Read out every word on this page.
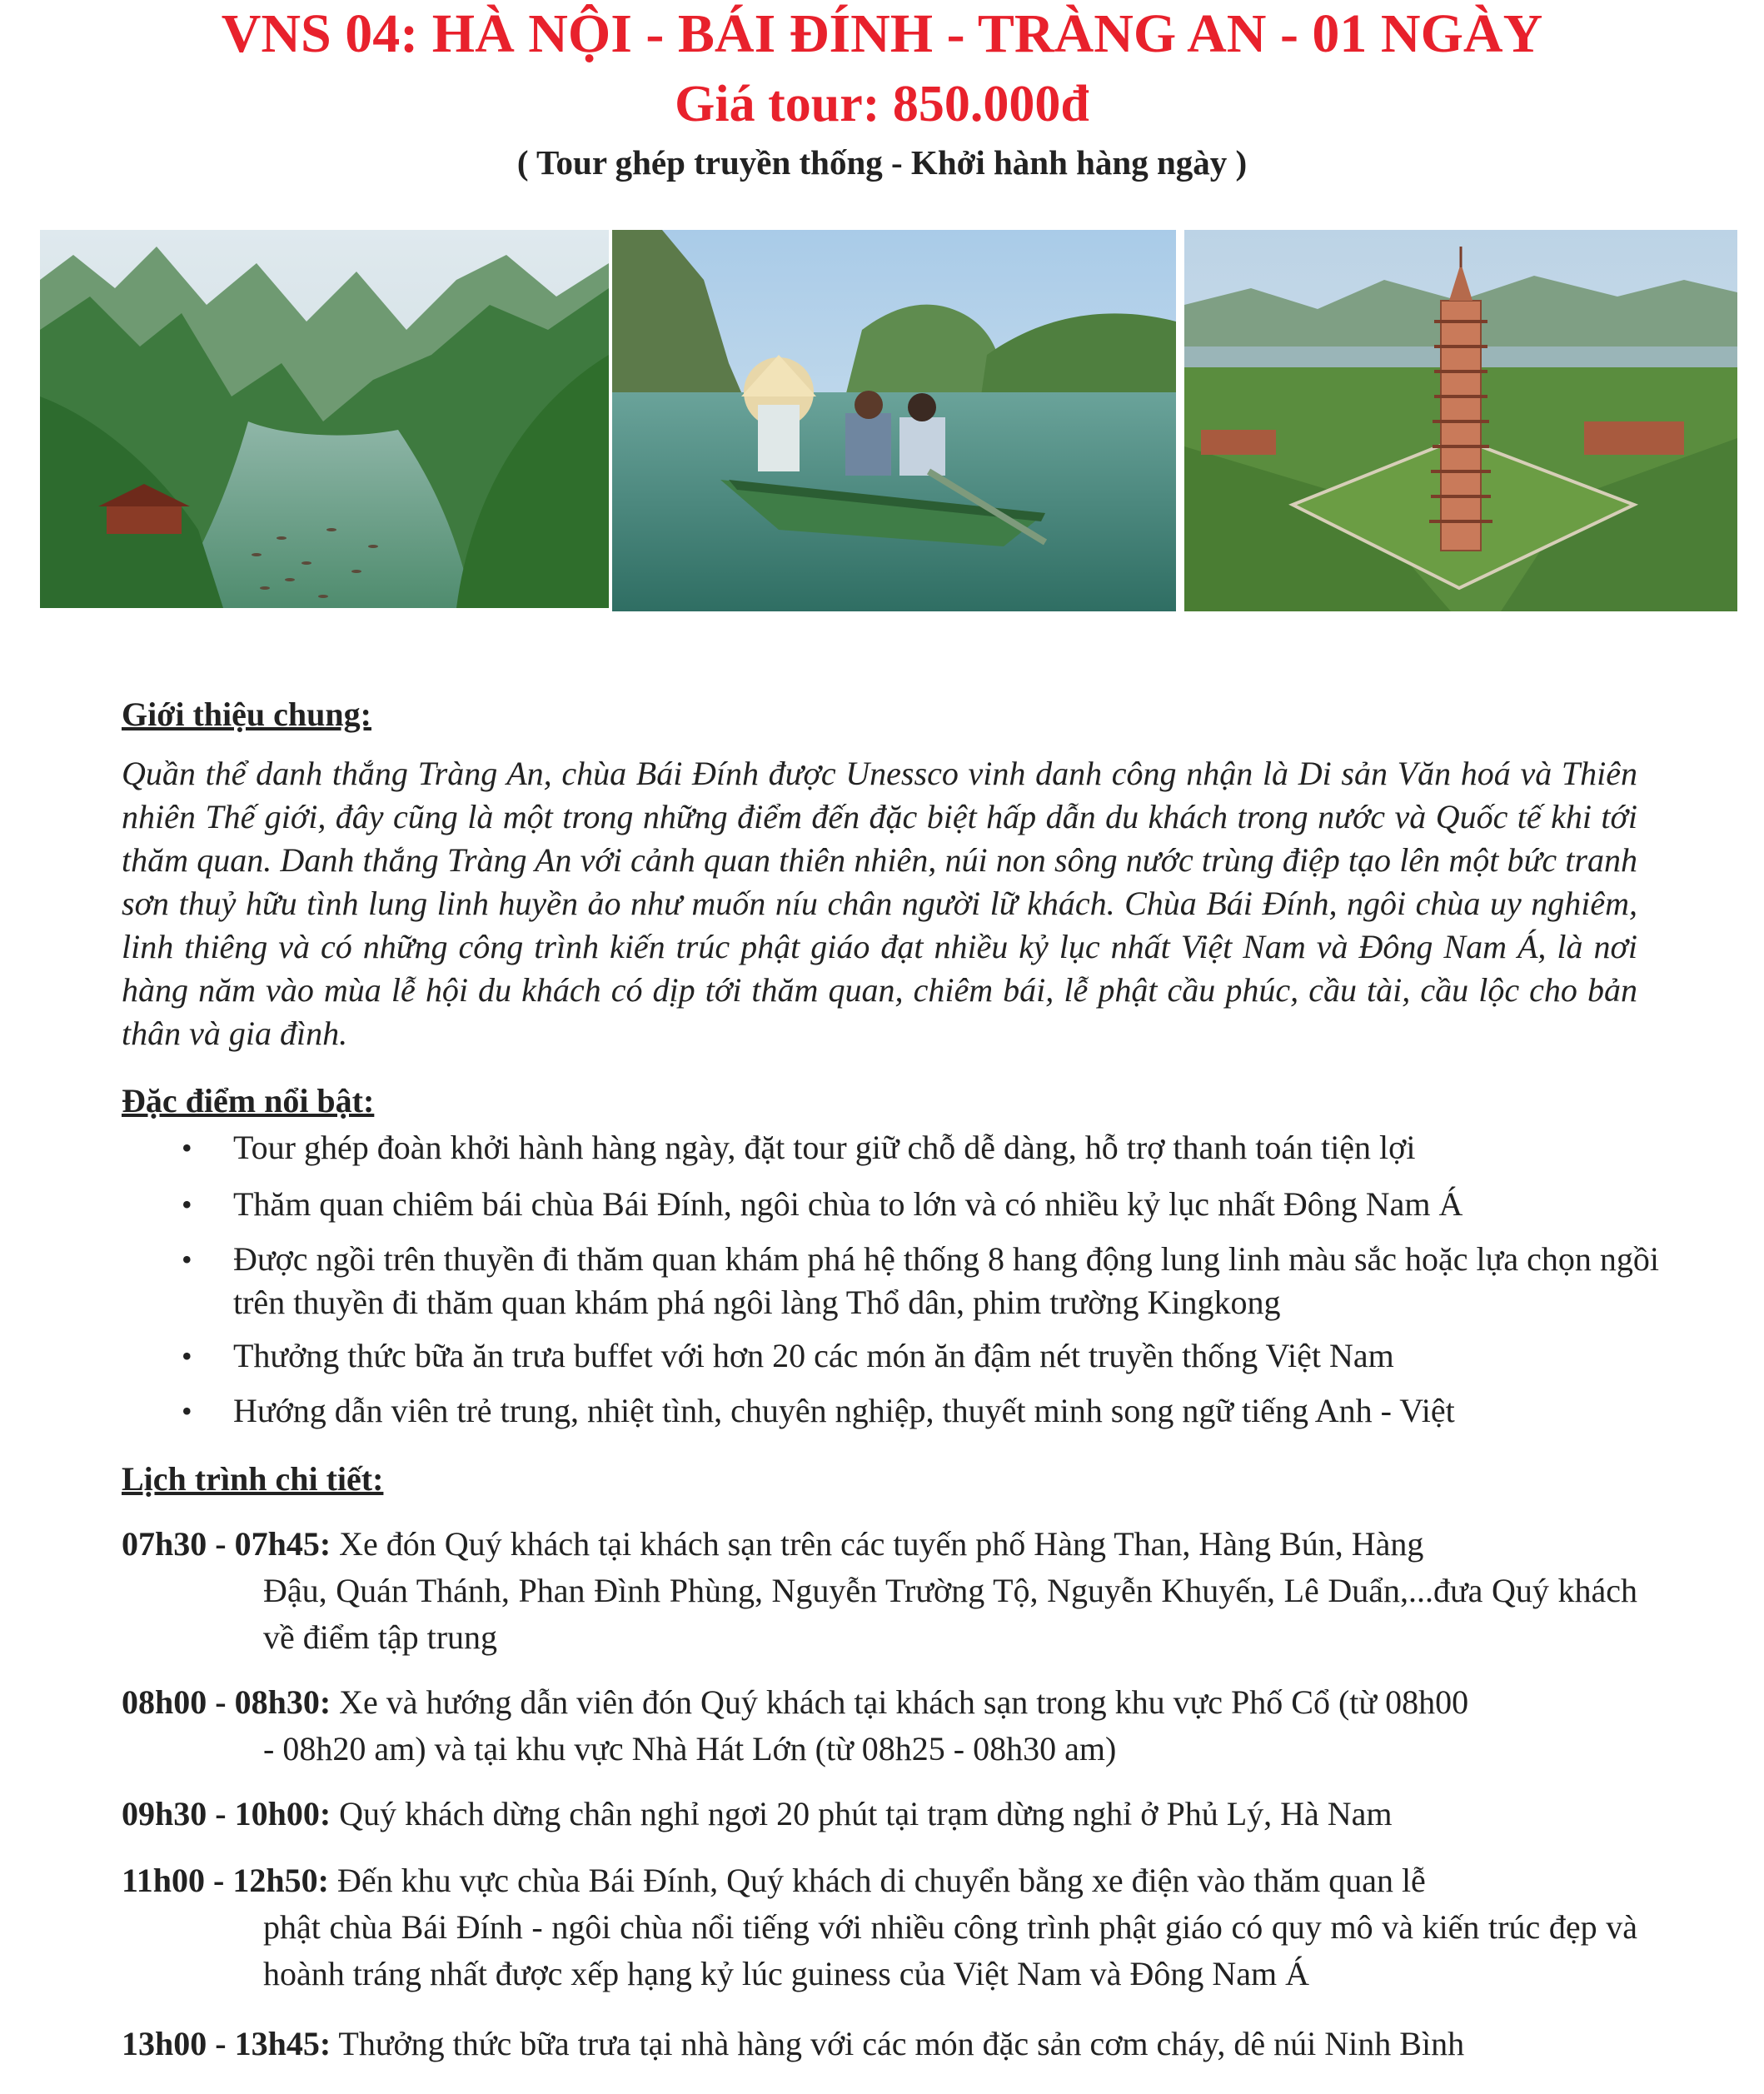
VNS 04: HÀ NỘI - BÁI ĐÍNH - TRÀNG AN - 01 NGÀY
Giá tour: 850.000đ
( Tour ghép truyền thống - Khởi hành hàng ngày )
Giới thiệu chung:
Quần thể danh thắng Tràng An, chùa Bái Đính được Unessco vinh danh công nhận là Di sản Văn hoá và Thiên nhiên Thế giới, đây cũng là một trong những điểm đến đặc biệt hấp dẫn du khách trong nước và Quốc tế khi tới thăm quan. Danh thắng Tràng An với cảnh quan thiên nhiên, núi non sông nước trùng điệp tạo lên một bức tranh sơn thuỷ hữu tình lung linh huyền ảo như muốn níu chân người lữ khách. Chùa Bái Đính, ngôi chùa uy nghiêm, linh thiêng và có những công trình kiến trúc phật giáo đạt nhiều kỷ lục nhất Việt Nam và Đông Nam Á, là nơi hàng năm vào mùa lễ hội du khách có dịp tới thăm quan, chiêm bái, lễ phật cầu phúc, cầu tài, cầu lộc cho bản thân và gia đình.
Đặc điểm nổi bật:
• Tour ghép đoàn khởi hành hàng ngày, đặt tour giữ chỗ dễ dàng, hỗ trợ thanh toán tiện lợi
• Thăm quan chiêm bái chùa Bái Đính, ngôi chùa to lớn và có nhiều kỷ lục nhất Đông Nam Á
• Được ngồi trên thuyền đi thăm quan khám phá hệ thống 8 hang động lung linh màu sắc hoặc lựa chọn ngồi trên thuyền đi thăm quan khám phá ngôi làng Thổ dân, phim trường Kingkong
• Thưởng thức bữa ăn trưa buffet với hơn 20 các món ăn đậm nét truyền thống Việt Nam
• Hướng dẫn viên trẻ trung, nhiệt tình, chuyên nghiệp, thuyết minh song ngữ tiếng Anh - Việt
Lịch trình chi tiết:
07h30 - 07h45: Xe đón Quý khách tại khách sạn trên các tuyến phố Hàng Than, Hàng Bún, Hàng
Đậu, Quán Thánh, Phan Đình Phùng, Nguyễn Trường Tộ, Nguyễn Khuyến, Lê Duẩn,...đưa Quý khách về điểm tập trung
08h00 - 08h30: Xe và hướng dẫn viên đón Quý khách tại khách sạn trong khu vực Phố Cổ (từ 08h00
- 08h20 am) và tại khu vực Nhà Hát Lớn (từ 08h25 - 08h30 am)
09h30 - 10h00: Quý khách dừng chân nghỉ ngơi 20 phút tại trạm dừng nghỉ ở Phủ Lý, Hà Nam
11h00 - 12h50: Đến khu vực chùa Bái Đính, Quý khách di chuyển bằng xe điện vào thăm quan lễ
phật chùa Bái Đính - ngôi chùa nổi tiếng với nhiều công trình phật giáo có quy mô và kiến trúc đẹp và hoành tráng nhất được xếp hạng kỷ lúc guiness của Việt Nam và Đông Nam Á
13h00 - 13h45: Thưởng thức bữa trưa tại nhà hàng với các món đặc sản cơm cháy, dê núi Ninh Bình
